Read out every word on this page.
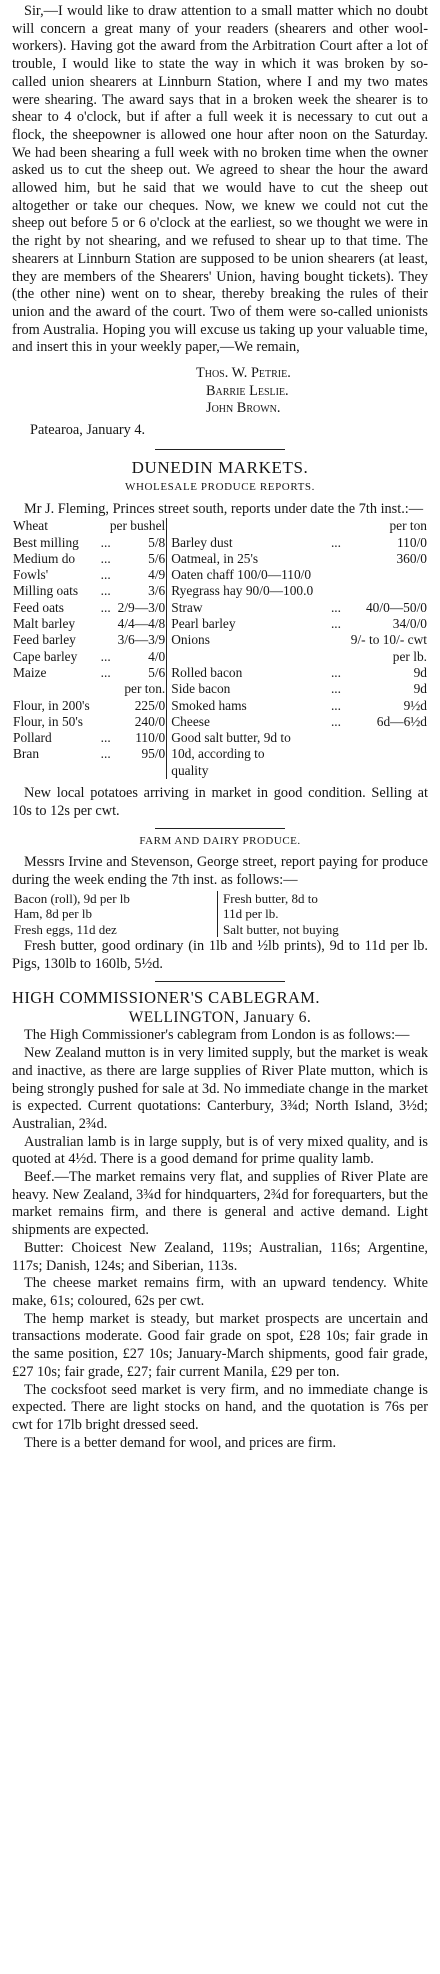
Sir,—I would like to draw attention to a small matter which no doubt will concern a great many of your readers (shearers and other wool-workers). Having got the award from the Arbitration Court after a lot of trouble, I would like to state the way in which it was broken by so-called union shearers at Linnburn Station, where I and my two mates were shearing. The award says that in a broken week the shearer is to shear to 4 o'clock, but if after a full week it is necessary to cut out a flock, the sheepowner is allowed one hour after noon on the Saturday. We had been shearing a full week with no broken time when the owner asked us to cut the sheep out. We agreed to shear the hour the award allowed him, but he said that we would have to cut the sheep out altogether or take our cheques. Now, we knew we could not cut the sheep out before 5 or 6 o'clock at the earliest, so we thought we were in the right by not shearing, and we refused to shear up to that time. The shearers at Linnburn Station are supposed to be union shearers (at least, they are members of the Shearers' Union, having bought tickets). They (the other nine) went on to shear, thereby breaking the rules of their union and the award of the court. Two of them were so-called unionists from Australia. Hoping you will excuse us taking up your valuable time, and insert this in your weekly paper,—We remain,

Thos. W. Petrie.
Barrie Leslie.
John Brown.
Patearoa, January 4.
DUNEDIN MARKETS.
WHOLESALE PRODUCE REPORTS.

Mr J. Fleming, Princes street south, reports under date the 7th inst.:—

Wheat	per bushel				per ton
Best milling	...	5/8	Barley dust	...	110/0
Medium do	...	5/6	Oatmeal, in 25's		360/0
Fowls'	...	4/9	Oaten chaff 100/0—110/0		
Milling oats	...	3/6	Ryegrass hay 90/0—100.0		
Feed oats	...	2/9—3/0	Straw	...	40/0—50/0
Malt barley		4/4—4/8	Pearl barley	...	34/0/0
Feed barley		3/6—3/9	Onions		9/- to 10/- cwt
Cape barley	...	4/0			per lb.
Maize	...	5/6	Rolled bacon	...	9d
		per ton.	Side bacon	...	9d
Flour, in 200's		225/0	Smoked hams	...	9½d
Flour, in 50's		240/0	Cheese	...	6d—6½d
Pollard	...	110/0	Good salt butter, 9d to		
Bran	...	95/0	10d, according to		
			quality		

New local potatoes arriving in market in good condition. Selling at 10s to 12s per cwt.

FARM AND DAIRY PRODUCE.

Messrs Irvine and Stevenson, George street, report paying for produce during the week ending the 7th inst. as follows:—

Bacon (roll), 9d per lb	Fresh butter, 8d to
Ham, 8d per lb	11d per lb.
Fresh eggs, 11d dez	Salt butter, not buying

Fresh butter, good ordinary (in 1lb and ½lb prints), 9d to 11d per lb. Pigs, 130lb to 160lb, 5½d.

HIGH COMMISSIONER'S CABLEGRAM.
WELLINGTON, January 6.

The High Commissioner's cablegram from London is as follows:—

New Zealand mutton is in very limited supply, but the market is weak and inactive, as there are large supplies of River Plate mutton, which is being strongly pushed for sale at 3d. No immediate change in the market is expected. Current quotations: Canterbury, 3¾d; North Island, 3½d; Australian, 2¾d.

Australian lamb is in large supply, but is of very mixed quality, and is quoted at 4½d. There is a good demand for prime quality lamb.

Beef.—The market remains very flat, and supplies of River Plate are heavy. New Zealand, 3¾d for hindquarters, 2¾d for forequarters, but the market remains firm, and there is general and active demand. Light shipments are expected.

Butter: Choicest New Zealand, 119s; Australian, 116s; Argentine, 117s; Danish, 124s; and Siberian, 113s.

The cheese market remains firm, with an upward tendency. White make, 61s; coloured, 62s per cwt.

The hemp market is steady, but market prospects are uncertain and transactions moderate. Good fair grade on spot, £28 10s; fair grade in the same position, £27 10s; January-March shipments, good fair grade, £27 10s; fair grade, £27; fair current Manila, £29 per ton.

The cocksfoot seed market is very firm, and no immediate change is expected. There are light stocks on hand, and the quotation is 76s per cwt for 17lb bright dressed seed.

There is a better demand for wool, and prices are firm.
